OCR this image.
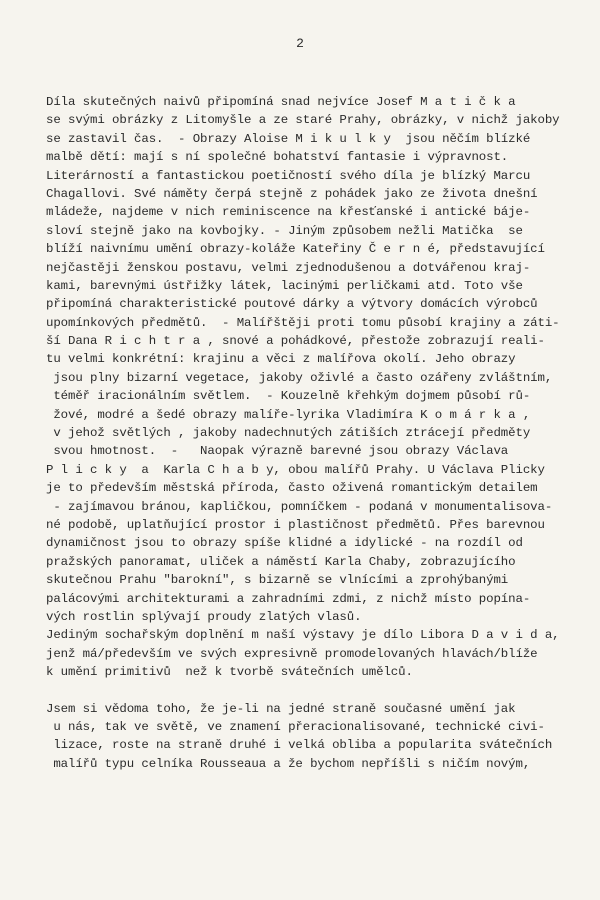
2
Díla skutečných naivů připomíná snad nejvíce Josef M a t i č k a
se svými obrázky z Litomyšle a ze staré Prahy, obrázky, v nichž jakoby
se zastavil čas.  - Obrazy Aloise M i k u l k y  jsou něčím blízké
malbě dětí: mají s ní společné bohatství fantasie i výpravnost.
Literárností a fantastickou poetičností svého díla je blízký Marcu
Chagallovi. Své náměty čerpá stejně z pohádek jako ze života dnešní
mládeže, najdeme v nich reminiscence na křesťanské i antické báje-
sloví stejně jako na kovbojky. - Jiným způsobem nežli Matička  se
blíží naivnímu umění obrazy-koláže Kateřiny Č e r n é, představující
nejčastěji ženskou postavu, velmi zjednodušenou a dotvářenou kraj-
kami, barevnými ústřižky látek, lacinými perličkami atd. Toto vše
připomíná charakteristické poutové dárky a výtvory domácích výrobců
upomínkových předmětů.  - Malířštěji proti tomu působí krajiny a záti-
ší Dana R i c h t r a , snové a pohádkové, přestože zobrazují reali-
tu velmi konkrétní: krajinu a věci z malířova okolí. Jeho obrazy
jsou plny bizarní vegetace, jakoby oživlé a často ozářeny zvláštním,
téměř iracionálním světlem.  - Kouzelně křehkým dojmem působí rů-
žové, modré a šedé obrazy malíře-lyrika Vladimíra K o m á r k a ,
v jehož světlých , jakoby nadechnutých zátiších ztrácejí předměty
svou hmotnost.  -   Naopak výrazně barevné jsou obrazy Václava
P l i c k y  a  Karla C h a b y, obou malířů Prahy. U Václava Plicky
je to především městská příroda, často oživená romantickým detailem
- zajímavou bránou, kapličkou, pomníčkem - podaná v monumentalisova-
né podobě, uplatňující prostor i plastičnost předmětů. Přes barevnou
dynamičnost jsou to obrazy spíše klidné a idylické - na rozdíl od
pražských panoramat, uliček a náměstí Karla Chaby, zobrazujícího
skutečnou Prahu "barokní", s bizarně se vlnícími a zprohýbanými
palácovými architekturami a zahradními zdmi, z nichž místo popína-
vých rostlin splývají proudy zlatých vlasů.
Jediným sochařským doplnění m naší výstavy je dílo Libora D a v i d a,
jenž má/především ve svých expresivně promodelovaných hlavách/blíže
k umění primitivů  než k tvorbě svátečních umělců.
Jsem si vědoma toho, že je-li na jedné straně současné umění jak
u nás, tak ve světě, ve znamení přeracionalisované, technické civi-
lizace, roste na straně druhé i velká obliba a popularita svátečních
malířů typu celníka Rousseaua a že bychom nepříšli s ničím novým,
